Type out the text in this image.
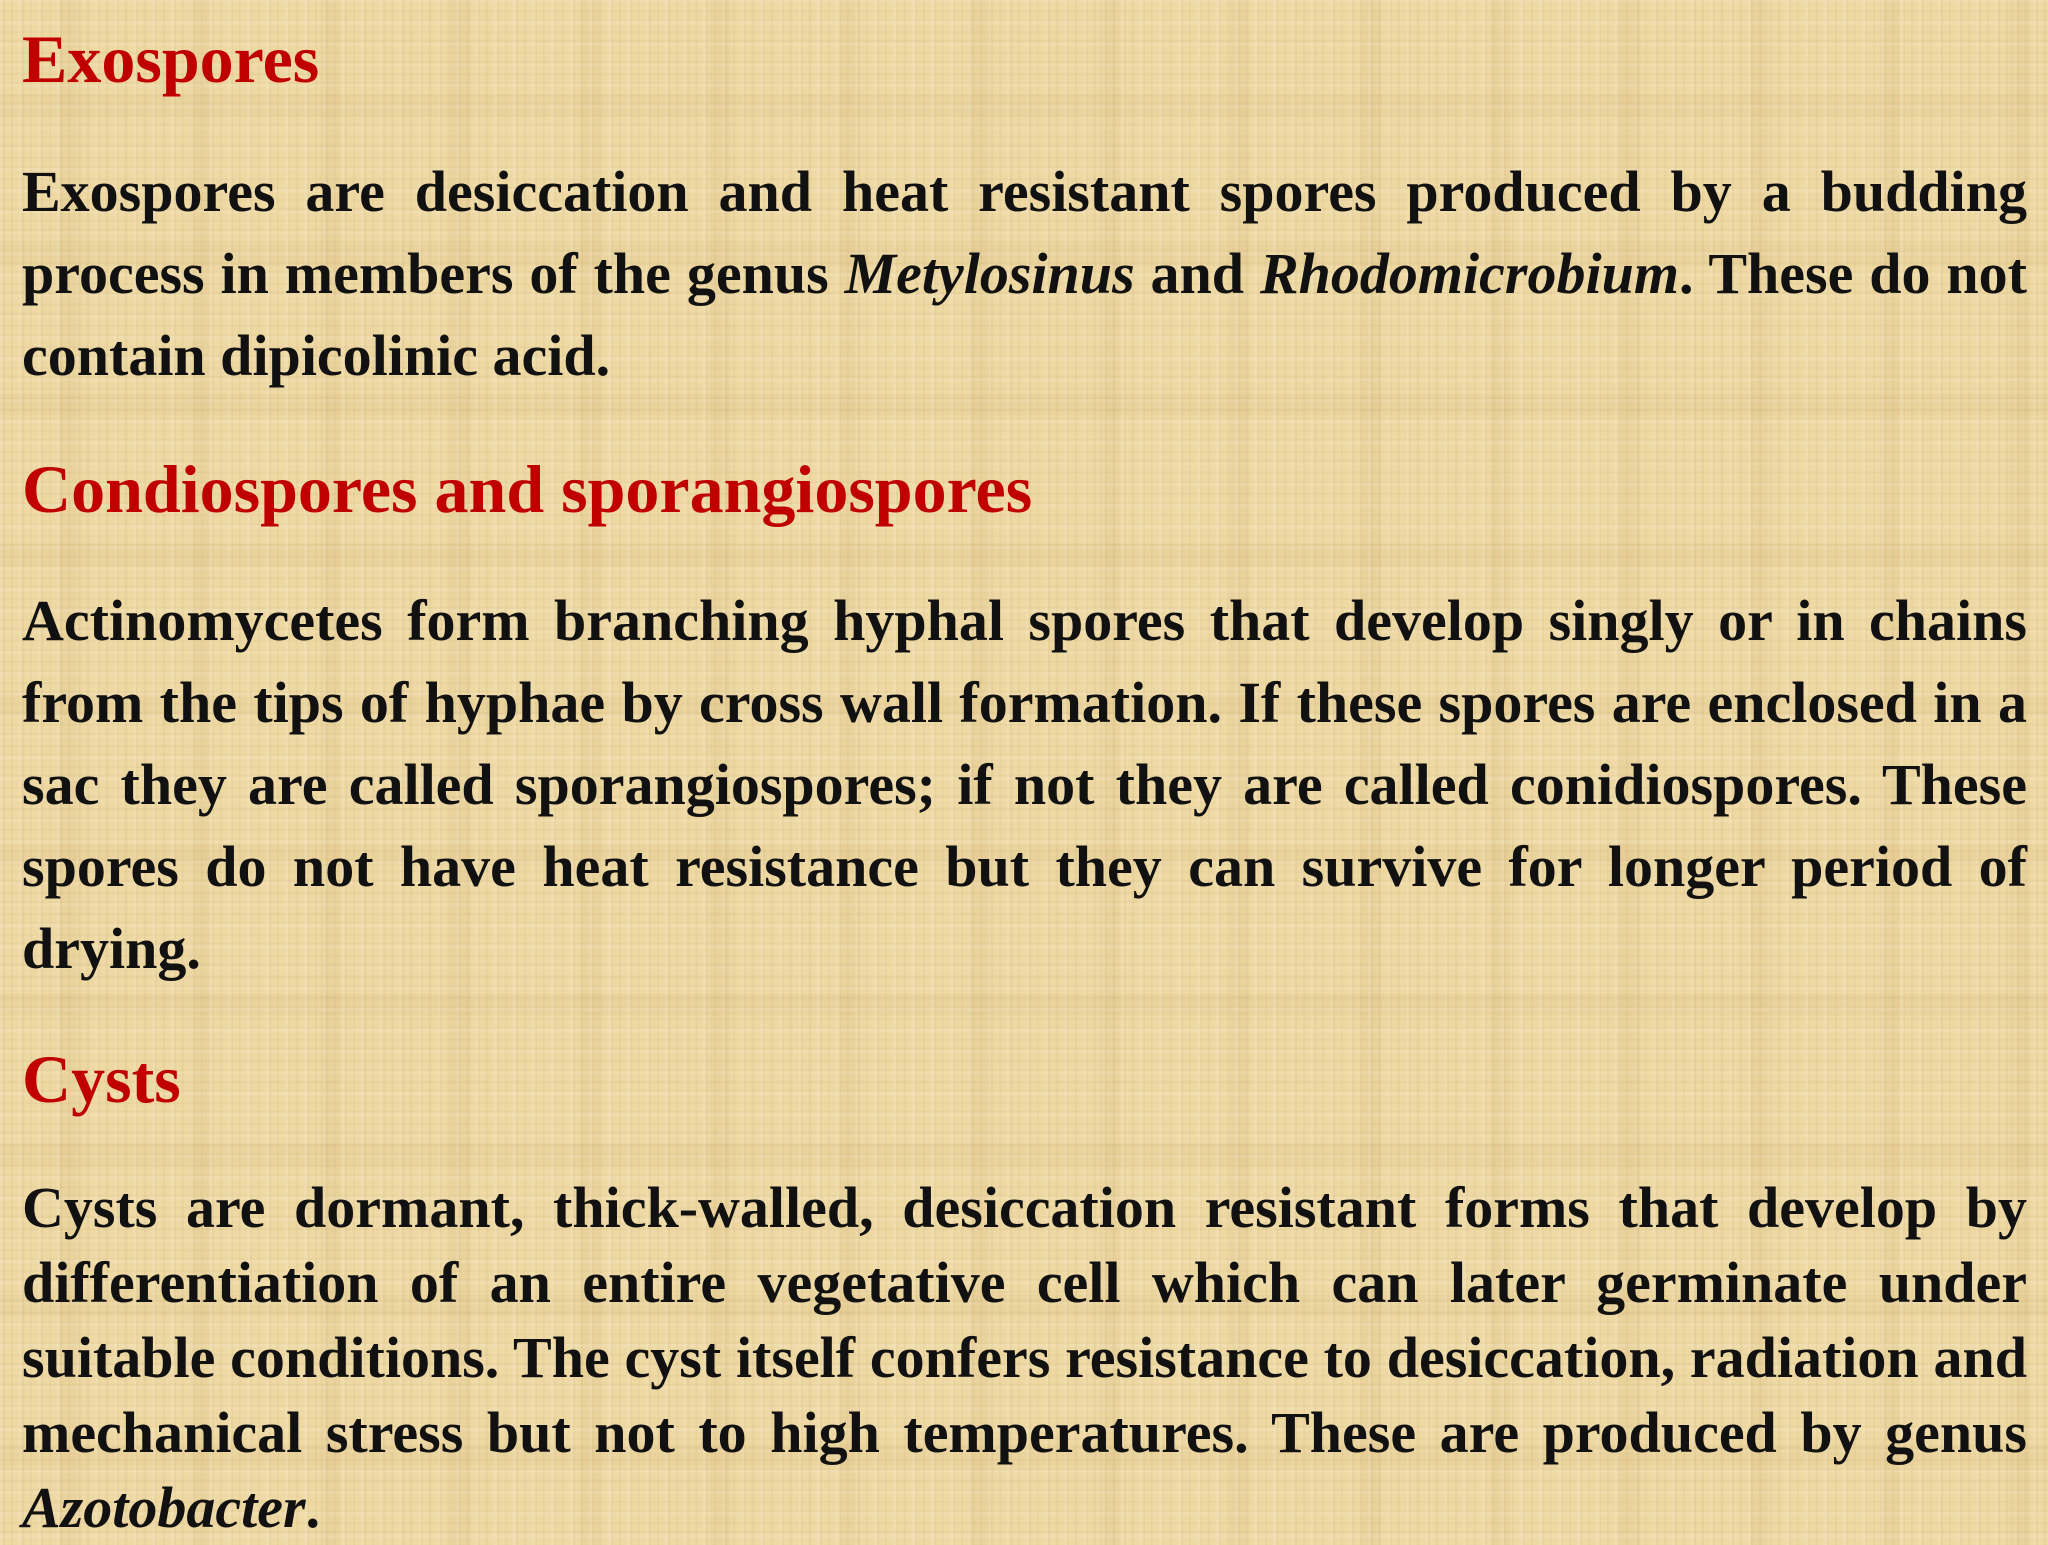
Exospores

Exospores are desiccation and heat resistant spores produced by a budding process in members of the genus Metylosinus and Rhodomicrobium. These do not contain dipicolinic acid.

Condiospores and sporangiospores

Actinomycetes form branching hyphal spores that develop singly or in chains from the tips of hyphae by cross wall formation. If these spores are enclosed in a sac they are called sporangiospores; if not they are called conidiospores. These spores do not have heat resistance but they can survive for longer period of drying.

Cysts

Cysts are dormant, thick-walled, desiccation resistant forms that develop by differentiation of an entire vegetative cell which can later germinate under suitable conditions. The cyst itself confers resistance to desiccation, radiation and mechanical stress but not to high temperatures. These are produced by genus Azotobacter.
